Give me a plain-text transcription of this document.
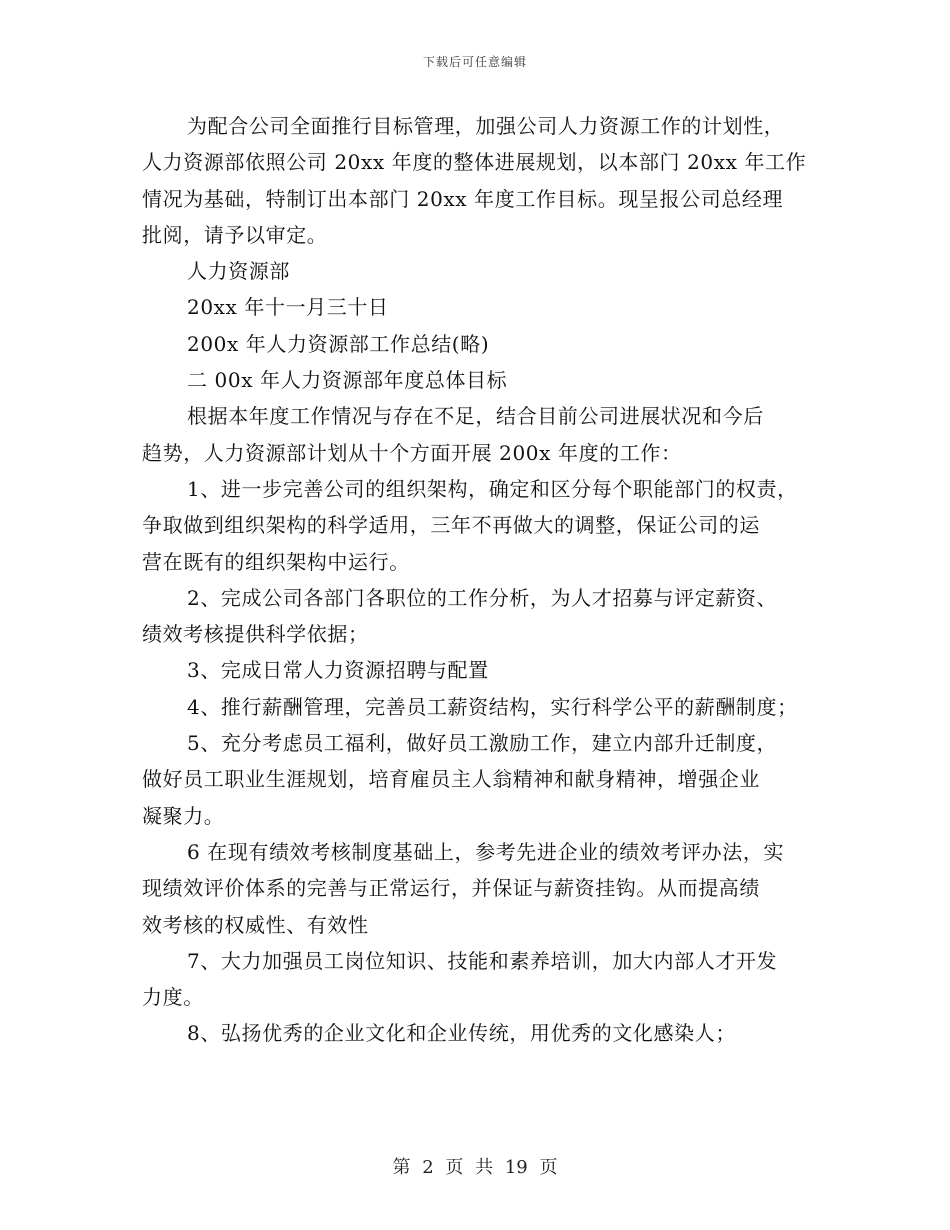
下载后可任意编辑
为配合公司全面推行目标管理，加强公司人力资源工作的计划性，
人力资源部依照公司 20xx 年度的整体进展规划，以本部门 20xx 年工作
情况为基础，特制订出本部门 20xx 年度工作目标。现呈报公司总经理
批阅，请予以审定。
人力资源部
20xx 年十一月三十日
200x 年人力资源部工作总结(略)
二 00x 年人力资源部年度总体目标
根据本年度工作情况与存在不足，结合目前公司进展状况和今后
趋势，人力资源部计划从十个方面开展 200x 年度的工作：
1、进一步完善公司的组织架构，确定和区分每个职能部门的权责，
争取做到组织架构的科学适用，三年不再做大的调整，保证公司的运
营在既有的组织架构中运行。
2、完成公司各部门各职位的工作分析，为人才招募与评定薪资、
绩效考核提供科学依据；
3、完成日常人力资源招聘与配置
4、推行薪酬管理，完善员工薪资结构，实行科学公平的薪酬制度；
5、充分考虑员工福利，做好员工激励工作，建立内部升迁制度，
做好员工职业生涯规划，培育雇员主人翁精神和献身精神，增强企业
凝聚力。
6 在现有绩效考核制度基础上，参考先进企业的绩效考评办法，实
现绩效评价体系的完善与正常运行，并保证与薪资挂钩。从而提高绩
效考核的权威性、有效性
7、大力加强员工岗位知识、技能和素养培训，加大内部人才开发
力度。
8、弘扬优秀的企业文化和企业传统，用优秀的文化感染人；
第 2 页 共 19 页
